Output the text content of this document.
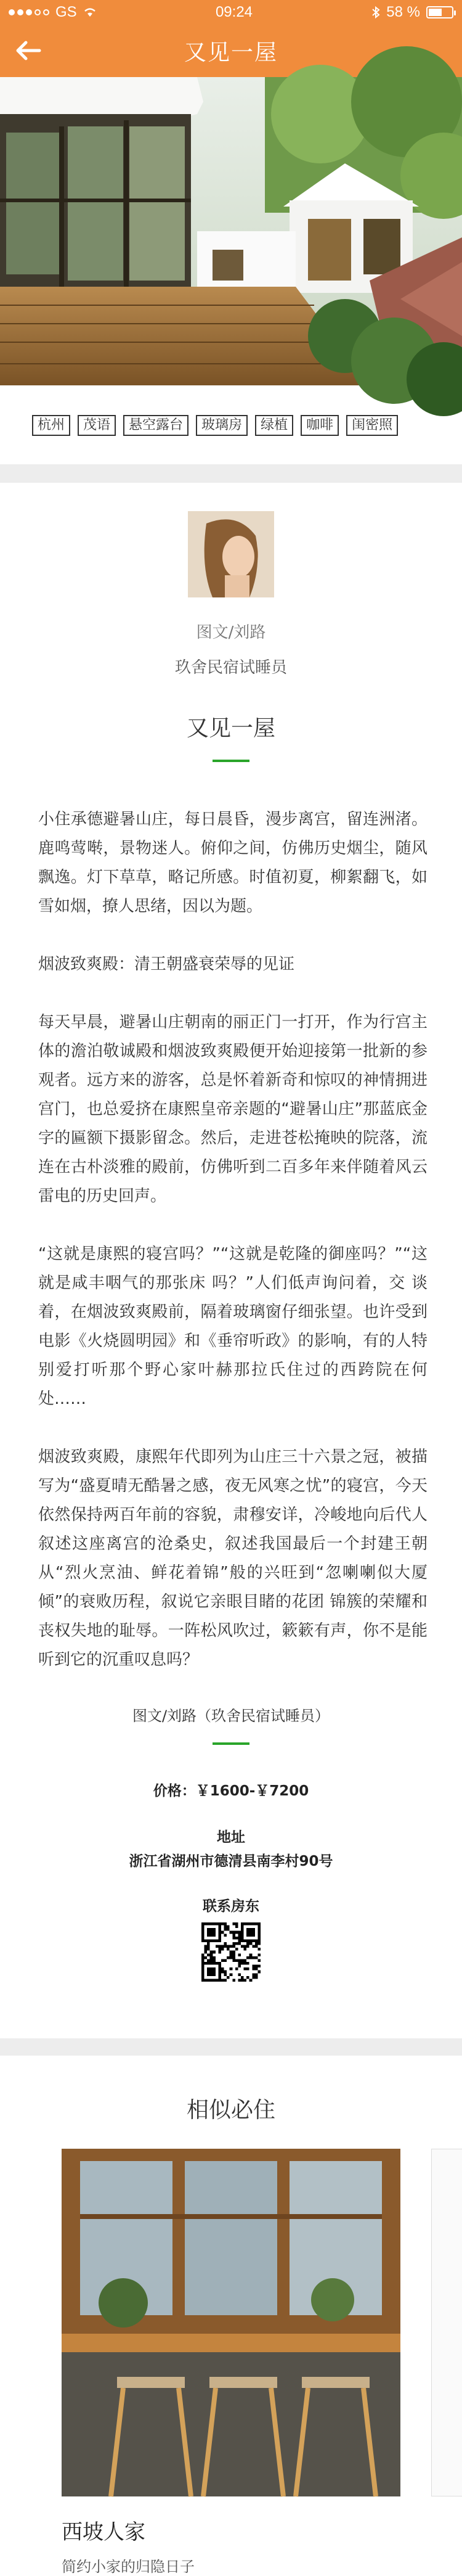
GS	09:24	58 %
又见一屋
杭州	茂语	悬空露台	玻璃房	绿植	咖啡	闺密照
图文/刘路
玖舍民宿试睡员
又见一屋

小住承德避暑山庄，每日晨昏，漫步离宫，留连洲渚。鹿鸣莺啭，景物迷人。俯仰之间，仿佛历史烟尘，随风飘逸。灯下草草，略记所感。时值初夏，柳絮翻飞，如雪如烟，撩人思绪，因以为题。

烟波致爽殿：清王朝盛衰荣辱的见证

每天早晨，避暑山庄朝南的丽正门一打开，作为行宫主体的澹泊敬诚殿和烟波致爽殿便开始迎接第一批新的参观者。远方来的游客，总是怀着新奇和惊叹的神情拥进宫门，也总爱挤在康熙皇帝亲题的“避暑山庄”那蓝底金字的匾额下摄影留念。然后，走进苍松掩映的院落，流连在古朴淡雅的殿前，仿佛听到二百多年来伴随着风云雷电的历史回声。

“这就是康熙的寝宫吗？”“这就是乾隆的御座吗？”“这就是咸丰咽气的那张床 吗？”人们低声询问着，交 谈着，在烟波致爽殿前，隔着玻璃窗仔细张望。也许受到电影《火烧圆明园》和《垂帘听政》的影响，有的人特别爱打听那个野心家叶赫那拉氏住过的西跨院在何处……

烟波致爽殿，康熙年代即列为山庄三十六景之冠，被描写为“盛夏晴无酷暑之感，夜无风寒之忧”的寝宫，今天依然保持两百年前的容貌，肃穆安详，冷峻地向后代人叙述这座离宫的沧桑史，叙述我国最后一个封建王朝从“烈火烹油、鲜花着锦”般的兴旺到“忽喇喇似大厦倾”的衰败历程，叙说它亲眼目睹的花团 锦簇的荣耀和丧权失地的耻辱。一阵松风吹过，簌簌有声，你不是能听到它的沉重叹息吗？

图文/刘路（玖舍民宿试睡员）
价格：￥1600-￥7200
地址
浙江省湖州市德清县南李村90号
联系房东
相似必住
西坡人家
简约小家的归隐日子
